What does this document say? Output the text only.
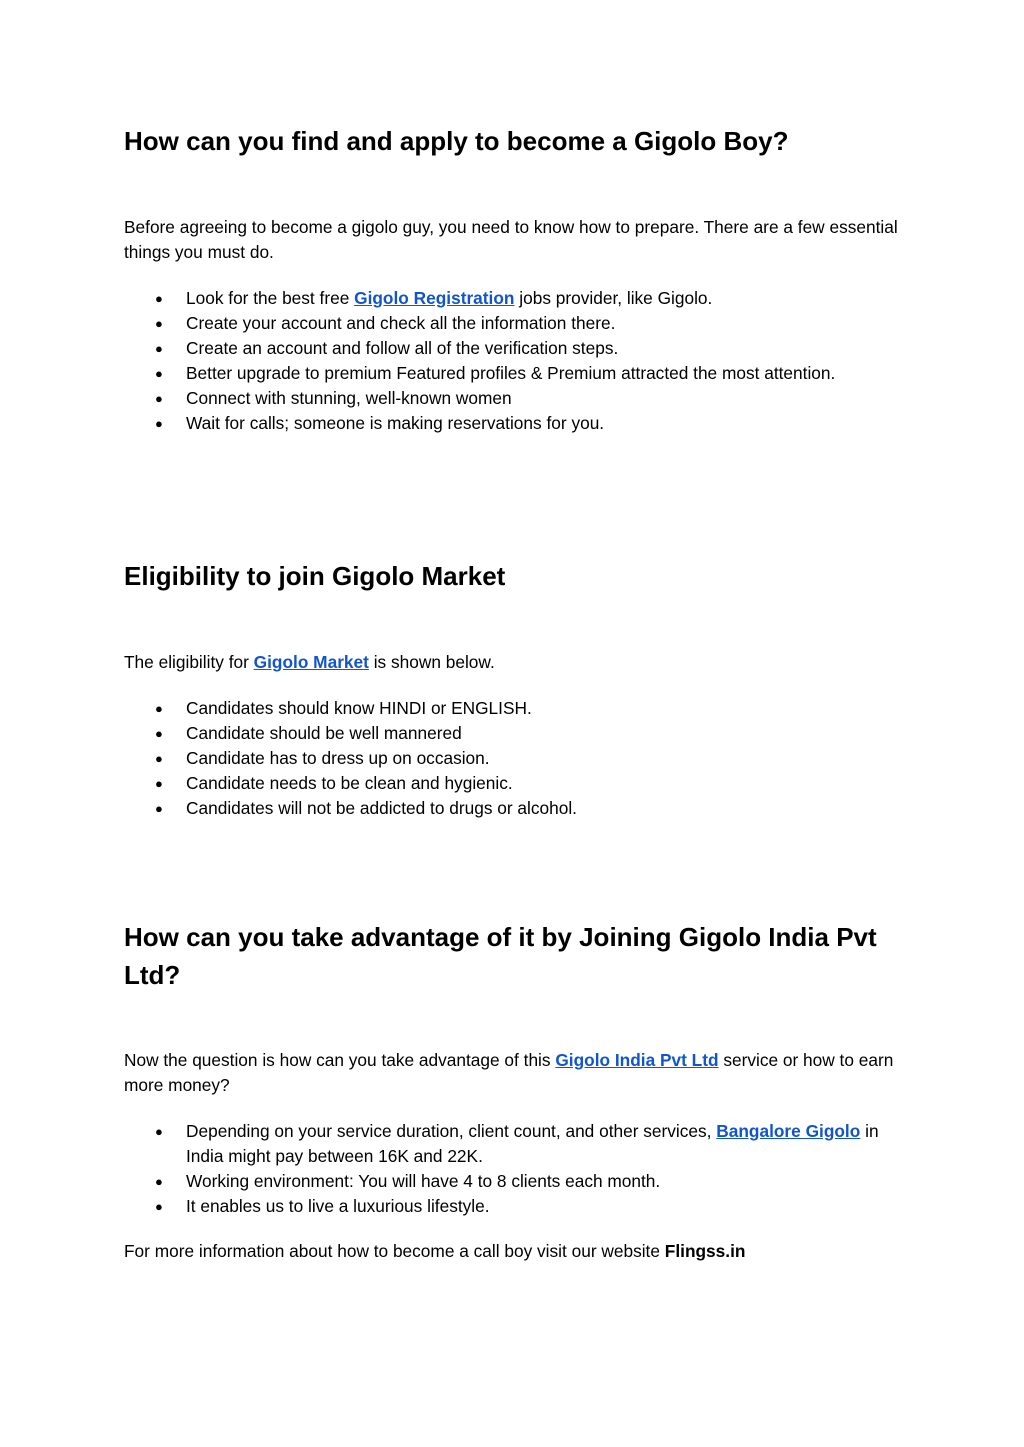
How can you find and apply to become a Gigolo Boy?

Before agreeing to become a gigolo guy, you need to know how to prepare. There are a few essential things you must do.

● Look for the best free Gigolo Registration jobs provider, like Gigolo.
● Create your account and check all the information there.
● Create an account and follow all of the verification steps.
● Better upgrade to premium Featured profiles & Premium attracted the most attention.
● Connect with stunning, well-known women
● Wait for calls; someone is making reservations for you.
Eligibility to join Gigolo Market

The eligibility for Gigolo Market is shown below.

● Candidates should know HINDI or ENGLISH.
● Candidate should be well mannered
● Candidate has to dress up on occasion.
● Candidate needs to be clean and hygienic.
● Candidates will not be addicted to drugs or alcohol.
How can you take advantage of it by Joining Gigolo India Pvt Ltd?

Now the question is how can you take advantage of this Gigolo India Pvt Ltd service or how to earn more money?

● Depending on your service duration, client count, and other services, Bangalore Gigolo in India might pay between 16K and 22K.
● Working environment: You will have 4 to 8 clients each month.
● It enables us to live a luxurious lifestyle.

For more information about how to become a call boy visit our website Flingss.in
